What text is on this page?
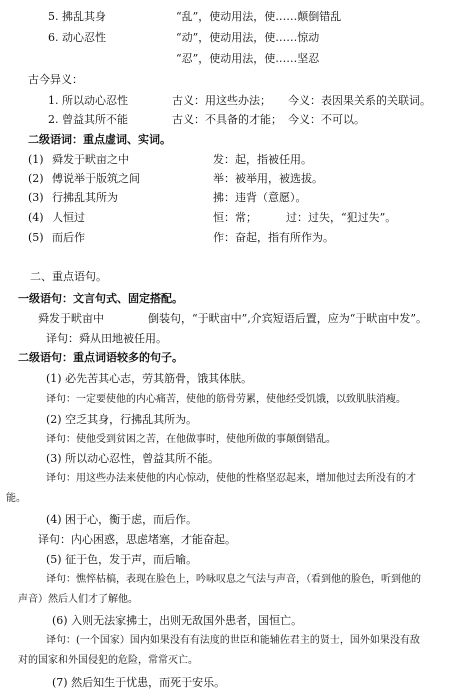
5. 拂乱其身	“乱”，使动用法，使……颠倒错乱
6. 动心忍性	“动”，使动用法，使……惊动
“忍”，使动用法，使……坚忍
古今异义：
1. 所以动心忍性	古义：用这些办法； 今义：表因果关系的关联词。
2. 曾益其所不能	古义：不具备的才能； 今义：不可以。
二级语词：重点虚词、实词。
(1) 舜发于畎亩之中	发：起，指被任用。
(2) 傅说举于版筑之间	举：被举用，被选拔。
(3) 行拂乱其所为	拂：违背（意愿）。
(4) 人恒过	恒：常；	过：过失，“犯过失”。
(5) 而后作	作：奋起，指有所作为。
二、重点语句。
一级语句：文言句式、固定搭配。
舜发于畎亩中	倒装句，“于畎亩中”,介宾短语后置，应为“于畎亩中发”。
译句：舜从田地被任用。
二级语句：重点词语较多的句子。
(1) 必先苦其心志，劳其筋骨，饿其体肤。
译句：一定要使他的内心痛苦，使他的筋骨劳累，使他经受饥饿，以致肌肤消瘦。
(2) 空乏其身，行拂乱其所为。
译句：使他受到贫困之苦，在他做事时，使他所做的事颠倒错乱。
(3) 所以动心忍性，曾益其所不能。
译句：用这些办法来使他的内心惊动，使他的性格坚忍起来，增加他过去所没有的才
能。
(4) 困于心，衡于虑，而后作。
译句：内心困惑，思虑堵塞，才能奋起。
(5) 征于色，发于声，而后喻。
译句：憔悴枯槁，表现在脸色上，吟咏叹息之气法与声音，（看到他的脸色，听到他的
声音）然后人们才了解他。
(6) 入则无法家拂士，出则无敌国外患者，国恒亡。
译句：(一个国家）国内如果没有有法度的世臣和能辅佐君主的贤士，国外如果没有敌
对的国家和外国侵犯的危险，常常灭亡。
(7) 然后知生于忧患，而死于安乐。
